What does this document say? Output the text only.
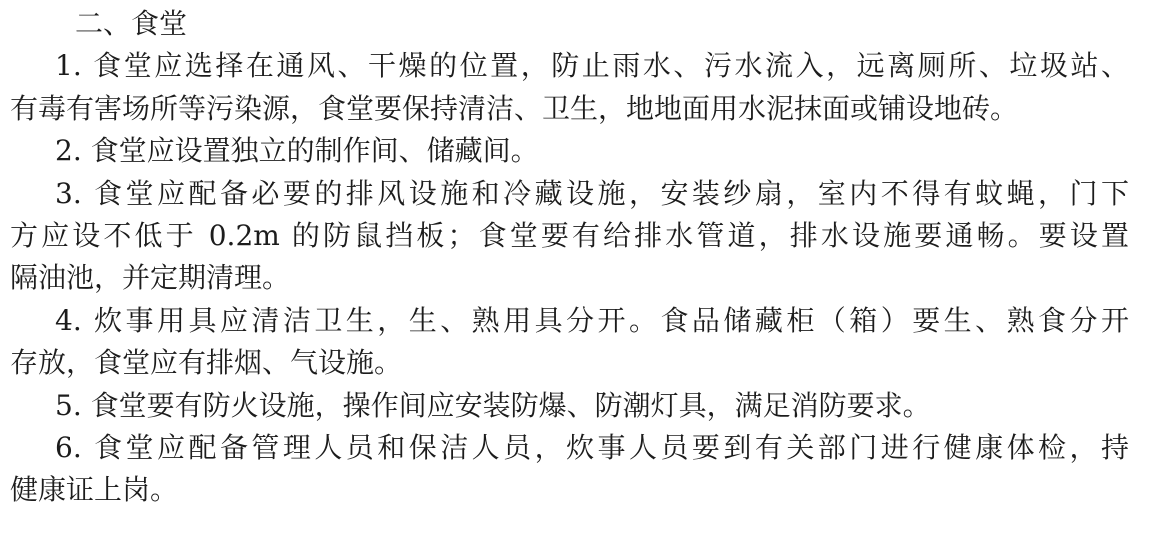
二、食堂

1. 食堂应选择在通风、干燥的位置，防止雨水、污水流入，远离厕所、垃圾站、

有毒有害场所等污染源，食堂要保持清洁、卫生，地地面用水泥抹面或铺设地砖。

2. 食堂应设置独立的制作间、储藏间。

3. 食堂应配备必要的排风设施和冷藏设施，安装纱扇，室内不得有蚊蝇，门下

方应设不低于 0.2m 的防鼠挡板；食堂要有给排水管道，排水设施要通畅。要设置

隔油池，并定期清理。

4. 炊事用具应清洁卫生，生、熟用具分开。食品储藏柜（箱）要生、熟食分开

存放，食堂应有排烟、气设施。

5. 食堂要有防火设施，操作间应安装防爆、防潮灯具，满足消防要求。

6. 食堂应配备管理人员和保洁人员，炊事人员要到有关部门进行健康体检，持

健康证上岗。
